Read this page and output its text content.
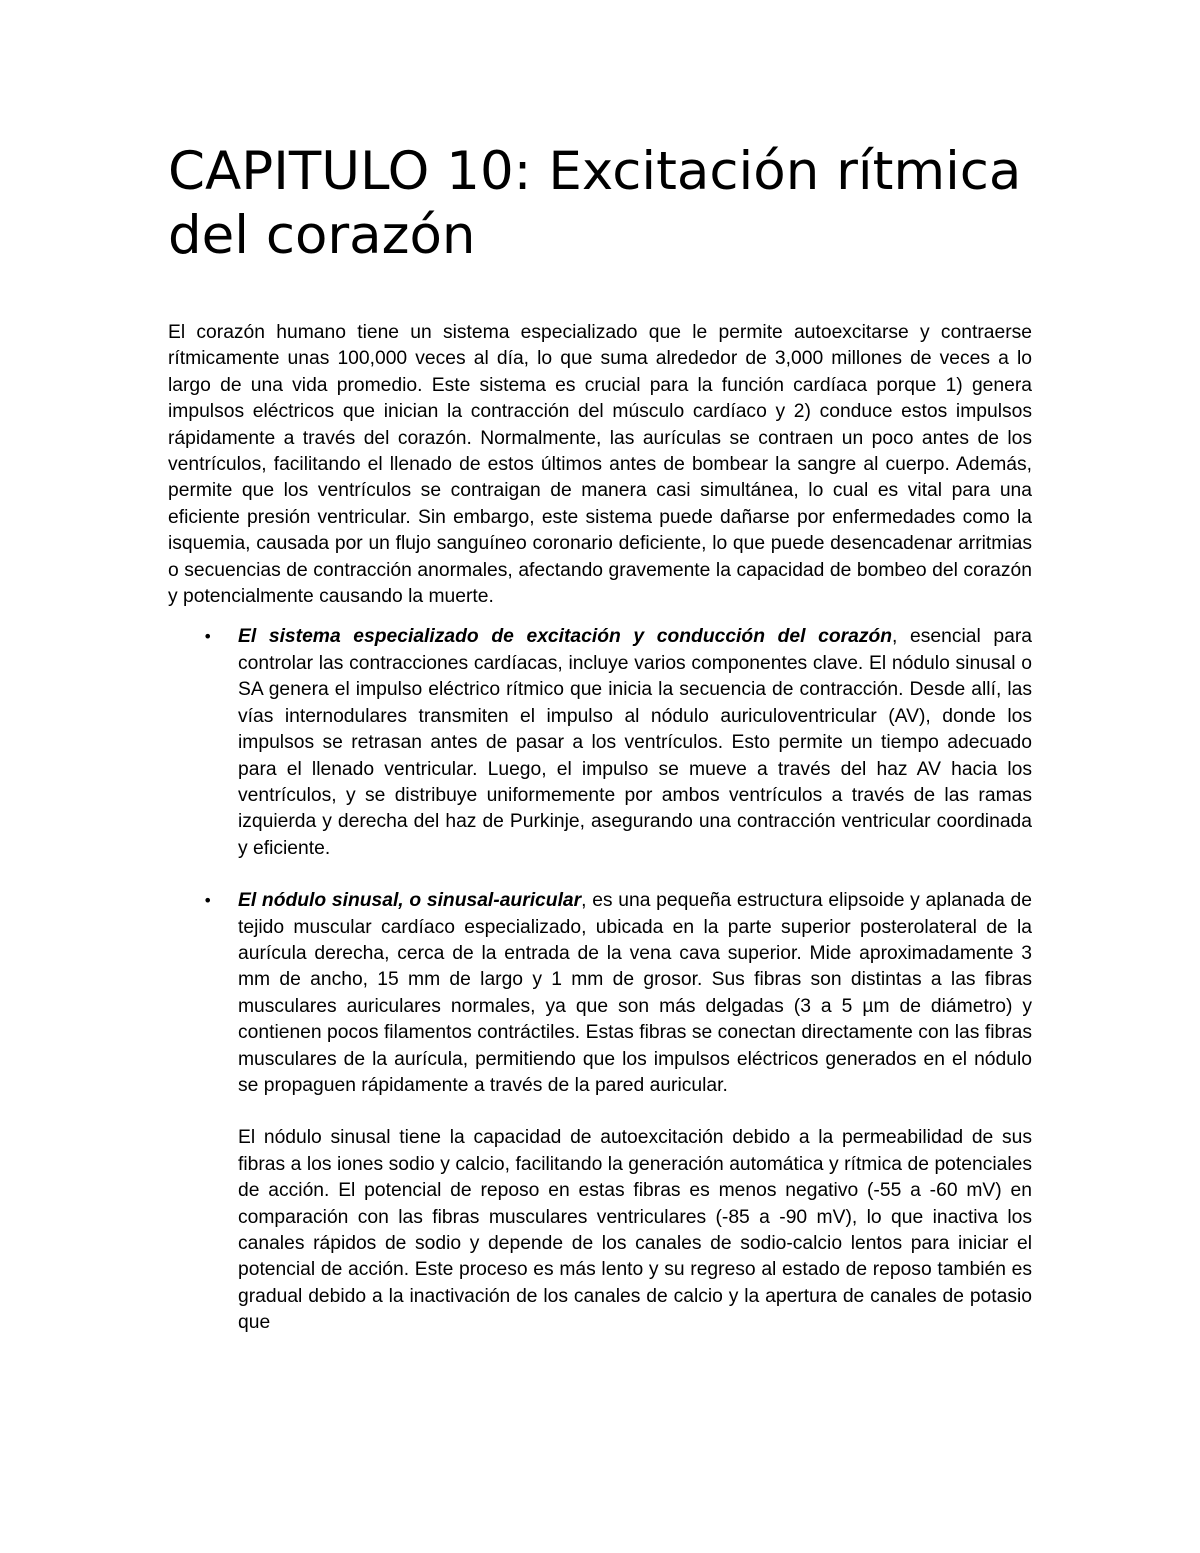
CAPITULO 10: Excitación rítmica del corazón

El corazón humano tiene un sistema especializado que le permite autoexcitarse y contraerse rítmicamente unas 100,000 veces al día, lo que suma alrededor de 3,000 millones de veces a lo largo de una vida promedio. Este sistema es crucial para la función cardíaca porque 1) genera impulsos eléctricos que inician la contracción del músculo cardíaco y 2) conduce estos impulsos rápidamente a través del corazón. Normalmente, las aurículas se contraen un poco antes de los ventrículos, facilitando el llenado de estos últimos antes de bombear la sangre al cuerpo. Además, permite que los ventrículos se contraigan de manera casi simultánea, lo cual es vital para una eficiente presión ventricular. Sin embargo, este sistema puede dañarse por enfermedades como la isquemia, causada por un flujo sanguíneo coronario deficiente, lo que puede desencadenar arritmias o secuencias de contracción anormales, afectando gravemente la capacidad de bombeo del corazón y potencialmente causando la muerte.

• El sistema especializado de excitación y conducción del corazón, esencial para controlar las contracciones cardíacas, incluye varios componentes clave. El nódulo sinusal o SA genera el impulso eléctrico rítmico que inicia la secuencia de contracción. Desde allí, las vías internodulares transmiten el impulso al nódulo auriculoventricular (AV), donde los impulsos se retrasan antes de pasar a los ventrículos. Esto permite un tiempo adecuado para el llenado ventricular. Luego, el impulso se mueve a través del haz AV hacia los ventrículos, y se distribuye uniformemente por ambos ventrículos a través de las ramas izquierda y derecha del haz de Purkinje, asegurando una contracción ventricular coordinada y eficiente.

• El nódulo sinusal, o sinusal-auricular, es una pequeña estructura elipsoide y aplanada de tejido muscular cardíaco especializado, ubicada en la parte superior posterolateral de la aurícula derecha, cerca de la entrada de la vena cava superior. Mide aproximadamente 3 mm de ancho, 15 mm de largo y 1 mm de grosor. Sus fibras son distintas a las fibras musculares auriculares normales, ya que son más delgadas (3 a 5 µm de diámetro) y contienen pocos filamentos contráctiles. Estas fibras se conectan directamente con las fibras musculares de la aurícula, permitiendo que los impulsos eléctricos generados en el nódulo se propaguen rápidamente a través de la pared auricular.

El nódulo sinusal tiene la capacidad de autoexcitación debido a la permeabilidad de sus fibras a los iones sodio y calcio, facilitando la generación automática y rítmica de potenciales de acción. El potencial de reposo en estas fibras es menos negativo (-55 a -60 mV) en comparación con las fibras musculares ventriculares (-85 a -90 mV), lo que inactiva los canales rápidos de sodio y depende de los canales de sodio-calcio lentos para iniciar el potencial de acción. Este proceso es más lento y su regreso al estado de reposo también es gradual debido a la inactivación de los canales de calcio y la apertura de canales de potasio que
